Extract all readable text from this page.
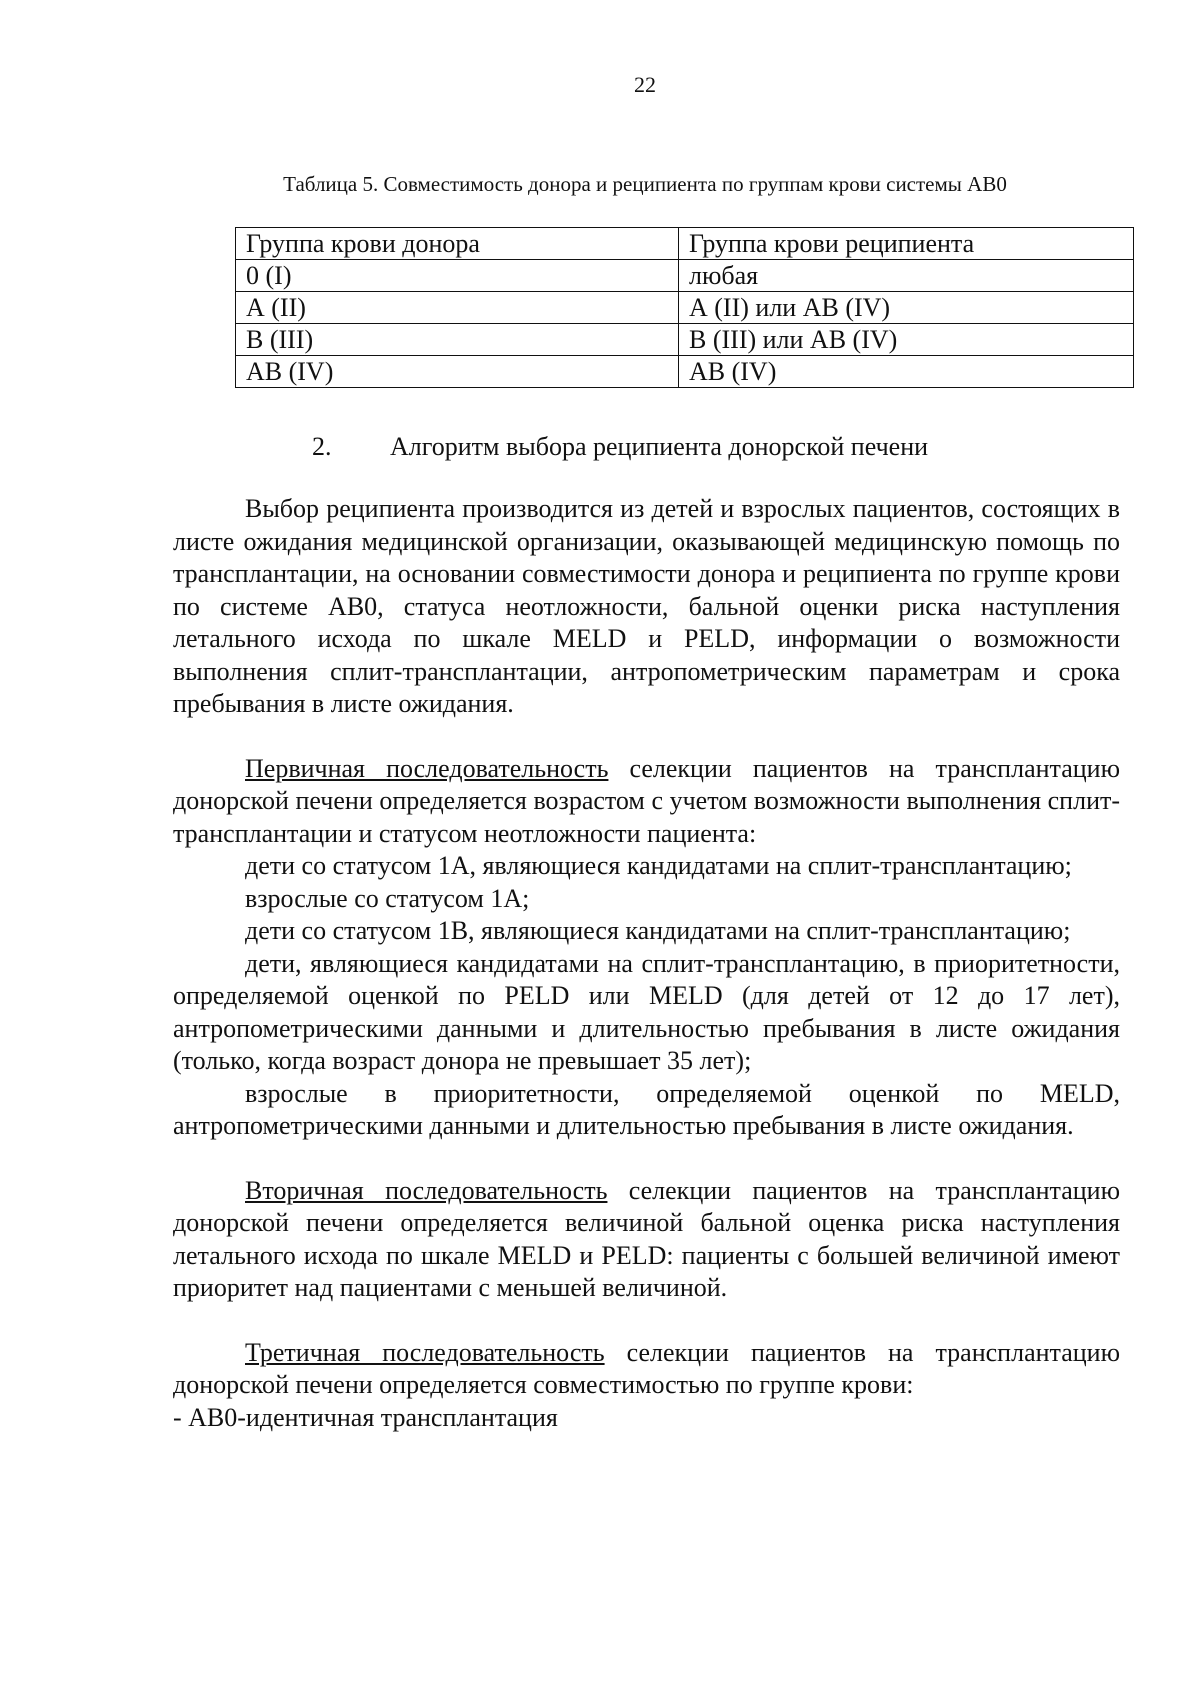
22
Таблица 5. Совместимость донора и реципиента по группам крови системы АВ0
Группа крови донора	Группа крови реципиента
0 (I)	любая
А (II)	А (II) или АВ (IV)
В (III)	В (III) или АВ (IV)
АВ (IV)	АВ (IV)
2. Алгоритм выбора реципиента донорской печени

Выбор реципиента производится из детей и взрослых пациентов, состоящих в листе ожидания медицинской организации, оказывающей медицинскую помощь по трансплантации, на основании совместимости донора и реципиента по группе крови по системе АВ0, статуса неотложности, бальной оценки риска наступления летального исхода по шкале MELD и PELD, информации о возможности выполнения сплит-трансплантации, антропометрическим параметрам и срока пребывания в листе ожидания.

Первичная последовательность селекции пациентов на трансплантацию донорской печени определяется возрастом с учетом возможности выполнения сплит-трансплантации и статусом неотложности пациента:

дети со статусом 1А, являющиеся кандидатами на сплит-трансплантацию;

взрослые со статусом 1А;

дети со статусом 1В, являющиеся кандидатами на сплит-трансплантацию;

дети, являющиеся кандидатами на сплит-трансплантацию, в приоритетности, определяемой оценкой по PELD или MELD (для детей от 12 до 17 лет), антропометрическими данными и длительностью пребывания в листе ожидания (только, когда возраст донора не превышает 35 лет);

взрослые в приоритетности, определяемой оценкой по MELD, антропометрическими данными и длительностью пребывания в листе ожидания.

Вторичная последовательность селекции пациентов на трансплантацию донорской печени определяется величиной бальной оценка риска наступления летального исхода по шкале MELD и PELD: пациенты с большей величиной имеют приоритет над пациентами с меньшей величиной.

Третичная последовательность селекции пациентов на трансплантацию донорской печени определяется совместимостью по группе крови:

- АВ0-идентичная трансплантация
